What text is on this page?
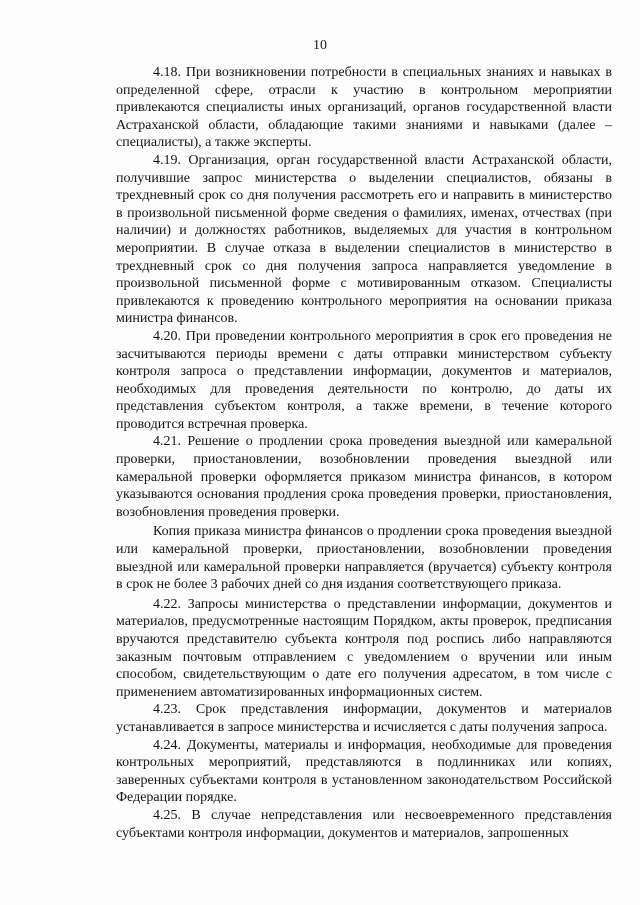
10

4.18. При возникновении потребности в специальных знаниях и навыках в определенной сфере, отрасли к участию в контрольном мероприятии привлекаются специалисты иных организаций, органов государственной власти Астраханской области, обладающие такими знаниями и навыками (далее – специалисты), а также эксперты.

4.19. Организация, орган государственной власти Астраханской области, получившие запрос министерства о выделении специалистов, обязаны в трехдневный срок со дня получения рассмотреть его и направить в министерство в произвольной письменной форме сведения о фамилиях, именах, отчествах (при наличии) и должностях работников, выделяемых для участия в контрольном мероприятии. В случае отказа в выделении специалистов в министерство в трехдневный срок со дня получения запроса направляется уведомление в произвольной письменной форме с мотивированным отказом. Специалисты привлекаются к проведению контрольного мероприятия на основании приказа министра финансов.

4.20. При проведении контрольного мероприятия в срок его проведения не засчитываются периоды времени с даты отправки министерством субъекту контроля запроса о представлении информации, документов и материалов, необходимых для проведения деятельности по контролю, до даты их представления субъектом контроля, а также времени, в течение которого проводится встречная проверка.

4.21. Решение о продлении срока проведения выездной или камеральной проверки, приостановлении, возобновлении проведения выездной или камеральной проверки оформляется приказом министра финансов, в котором указываются основания продления срока проведения проверки, приостановления, возобновления проведения проверки.

Копия приказа министра финансов о продлении срока проведения выездной или камеральной проверки, приостановлении, возобновлении проведения выездной или камеральной проверки направляется (вручается) субъекту контроля в срок не более 3 рабочих дней со дня издания соответствующего приказа.

4.22. Запросы министерства о представлении информации, документов и материалов, предусмотренные настоящим Порядком, акты проверок, предписания вручаются представителю субъекта контроля под роспись либо направляются заказным почтовым отправлением с уведомлением о вручении или иным способом, свидетельствующим о дате его получения адресатом, в том числе с применением автоматизированных информационных систем.

4.23. Срок представления информации, документов и материалов устанавливается в запросе министерства и исчисляется с даты получения запроса.

4.24. Документы, материалы и информация, необходимые для проведения контрольных мероприятий, представляются в подлинниках или копиях, заверенных субъектами контроля в установленном законодательством Российской Федерации порядке.

4.25. В случае непредставления или несвоевременного представления субъектами контроля информации, документов и материалов, запрошенных
